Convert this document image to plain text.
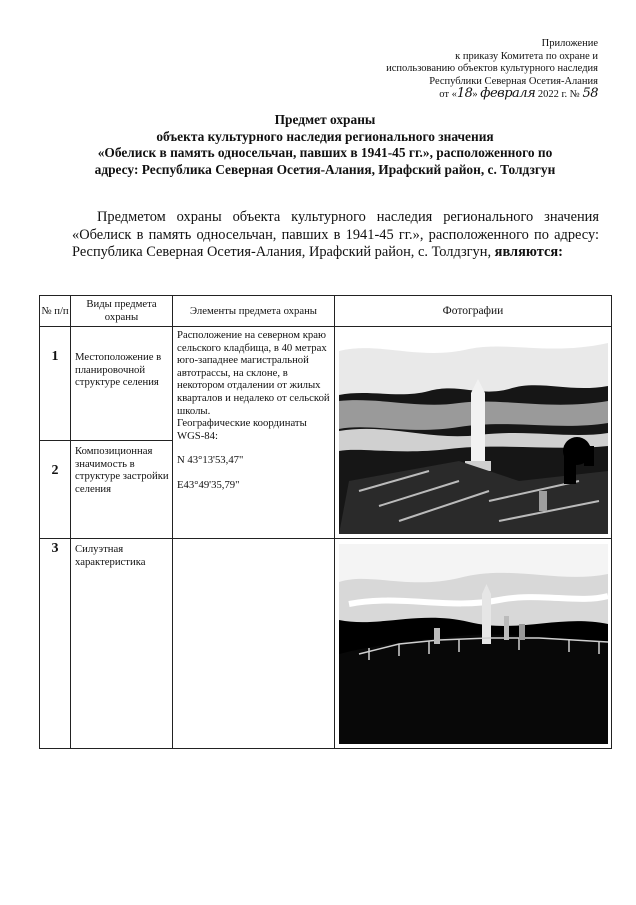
Приложение
к приказу Комитета по охране и
использованию объектов культурного наследия
Республики Северная Осетия-Алания
от «18» февраля 2022 г. № 58
Предмет охраны
объекта культурного наследия регионального значения
«Обелиск в память односельчан, павших в 1941-45 гг.», расположенного по
адресу: Республика Северная Осетия-Алания, Ирафский район, с. Толдзгун
Предметом охраны объекта культурного наследия регионального значения «Обелиск в память односельчан, павших в 1941-45 гг.», расположенного по адресу: Республика Северная Осетия-Алания, Ирафский район, с. Толдзгун, являются:
№ п/п	Виды предмета охраны	Элементы предмета охраны	Фотографии
1	Местоположение в планировочной структуре селения	Расположение на северном краю сельского кладбища, в 40 метрах юго-западнее магистральной автотрассы, на склоне, в некотором отдалении от жилых кварталов и недалеко от сельской школы.

Географические координаты WGS-84:

N 43°13'53,47"

E43°49'35,79"

2	Композиционная значимость в структуре застройки селения		
3	Силуэтная характеристика		
